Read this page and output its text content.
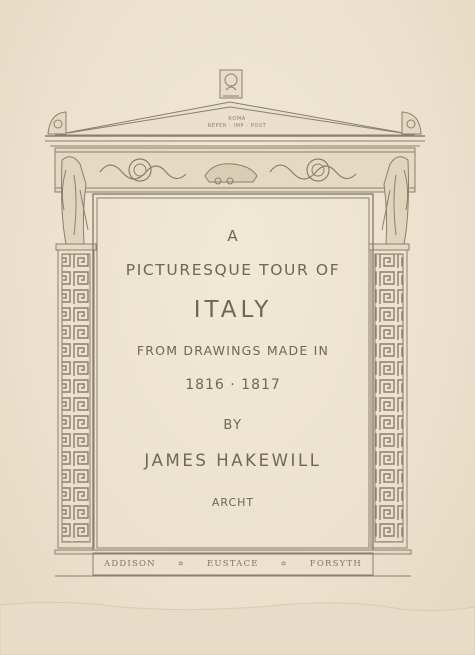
ROMA
REPER · IMP · POST
A
PICTURESQUE TOUR OF
ITALY
FROM DRAWINGS MADE IN
1816 · 1817
BY
JAMES HAKEWILL
ARCHT
ADDISON	✡	EUSTACE	✡	FORSYTH
